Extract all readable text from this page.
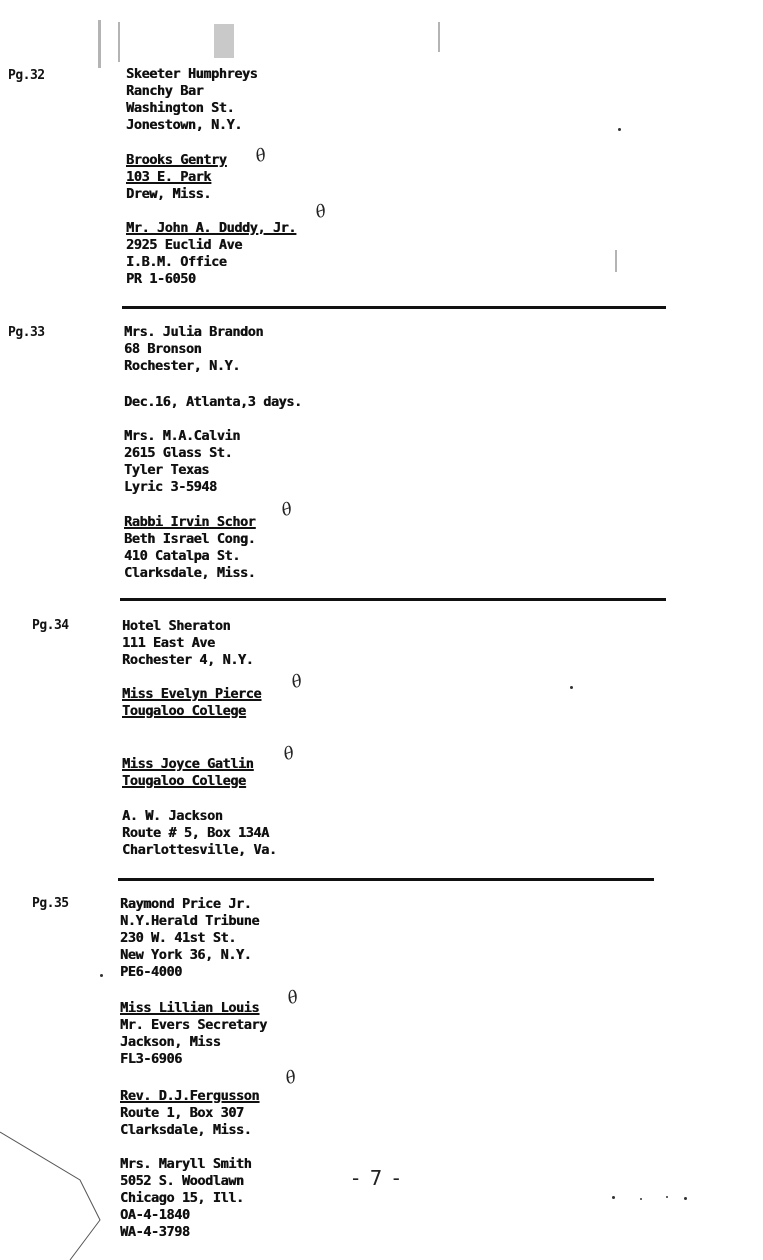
Pg.32
Pg.33
Pg.34
Pg.35
Skeeter Humphreys
Ranchy Bar
Washington St.
Jonestown, N.Y.
Brooks Gentry
103 E. Park
Drew, Miss.
θ
Mr. John A. Duddy, Jr.
2925 Euclid Ave
I.B.M. Office
PR 1-6050
θ
Mrs. Julia Brandon
68 Bronson
Rochester, N.Y.
Dec.16, Atlanta,3 days.
Mrs. M.A.Calvin
2615 Glass St.
Tyler Texas
Lyric 3-5948
Rabbi Irvin Schor
Beth Israel Cong.
410 Catalpa St.
Clarksdale, Miss.
θ
Hotel Sheraton
111 East Ave
Rochester 4, N.Y.
Miss Evelyn Pierce
Tougaloo College
θ
Miss Joyce Gatlin
Tougaloo College
θ
A. W. Jackson
Route # 5, Box 134A
Charlottesville, Va.
Raymond Price Jr.
N.Y.Herald Tribune
230 W. 41st St.
New York 36, N.Y.
PE6-4000
Miss Lillian Louis
Mr. Evers Secretary
Jackson, Miss
FL3-6906
θ
Rev. D.J.Fergusson
Route 1, Box 307
Clarksdale, Miss.
θ
Mrs. Maryll Smith
5052 S. Woodlawn
Chicago 15, Ill.
OA-4-1840
WA-4-3798
- 7 -
